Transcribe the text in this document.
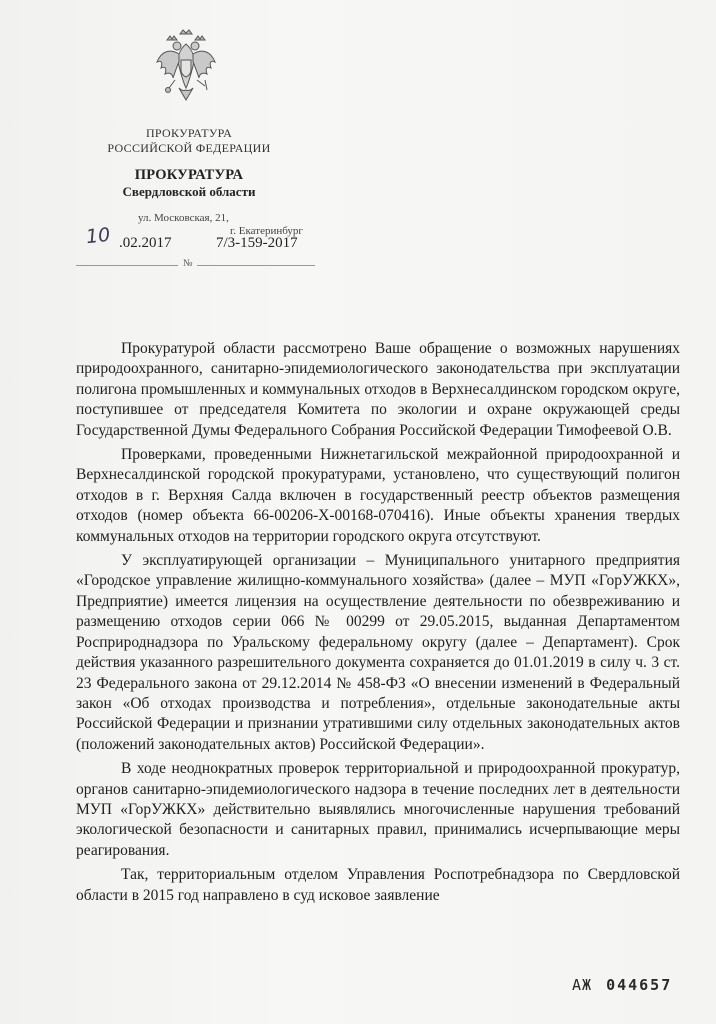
ПРОКУРАТУРА
РОССИЙСКОЙ ФЕДЕРАЦИИ
ПРОКУРАТУРА
Свердловской области
ул. Московская, 21,
г. Екатеринбург
10 .02.2017	7/3-159-2017
№

Прокуратурой области рассмотрено Ваше обращение о возможных нарушениях природоохранного, санитарно-эпидемиологического законодательства при эксплуатации полигона промышленных и коммунальных отходов в Верхнесалдинском городском округе, поступившее от председателя Комитета по экологии и охране окружающей среды Государственной Думы Федерального Собрания Российской Федерации Тимофеевой О.В.

Проверками, проведенными Нижнетагильской межрайонной природоохранной и Верхнесалдинской городской прокуратурами, установлено, что существующий полигон отходов в г. Верхняя Салда включен в государственный реестр объектов размещения отходов (номер объекта 66-00206-Х-00168-070416). Иные объекты хранения твердых коммунальных отходов на территории городского округа отсутствуют.

У эксплуатирующей организации – Муниципального унитарного предприятия «Городское управление жилищно-коммунального хозяйства» (далее – МУП «ГорУЖКХ», Предприятие) имеется лицензия на осуществление деятельности по обезвреживанию и размещению отходов серии 066 № 00299 от 29.05.2015, выданная Департаментом Росприроднадзора по Уральскому федеральному округу (далее – Департамент). Срок действия указанного разрешительного документа сохраняется до 01.01.2019 в силу ч. 3 ст. 23 Федерального закона от 29.12.2014 № 458-ФЗ «О внесении изменений в Федеральный закон «Об отходах производства и потребления», отдельные законодательные акты Российской Федерации и признании утратившими силу отдельных законодательных актов (положений законодательных актов) Российской Федерации».

В ходе неоднократных проверок территориальной и природоохранной прокуратур, органов санитарно-эпидемиологического надзора в течение последних лет в деятельности МУП «ГорУЖКХ» действительно выявлялись многочисленные нарушения требований экологической безопасности и санитарных правил, принимались исчерпывающие меры реагирования.

Так, территориальным отделом Управления Роспотребнадзора по Свердловской области в 2015 год направлено в суд исковое заявление

АЖ 044657
